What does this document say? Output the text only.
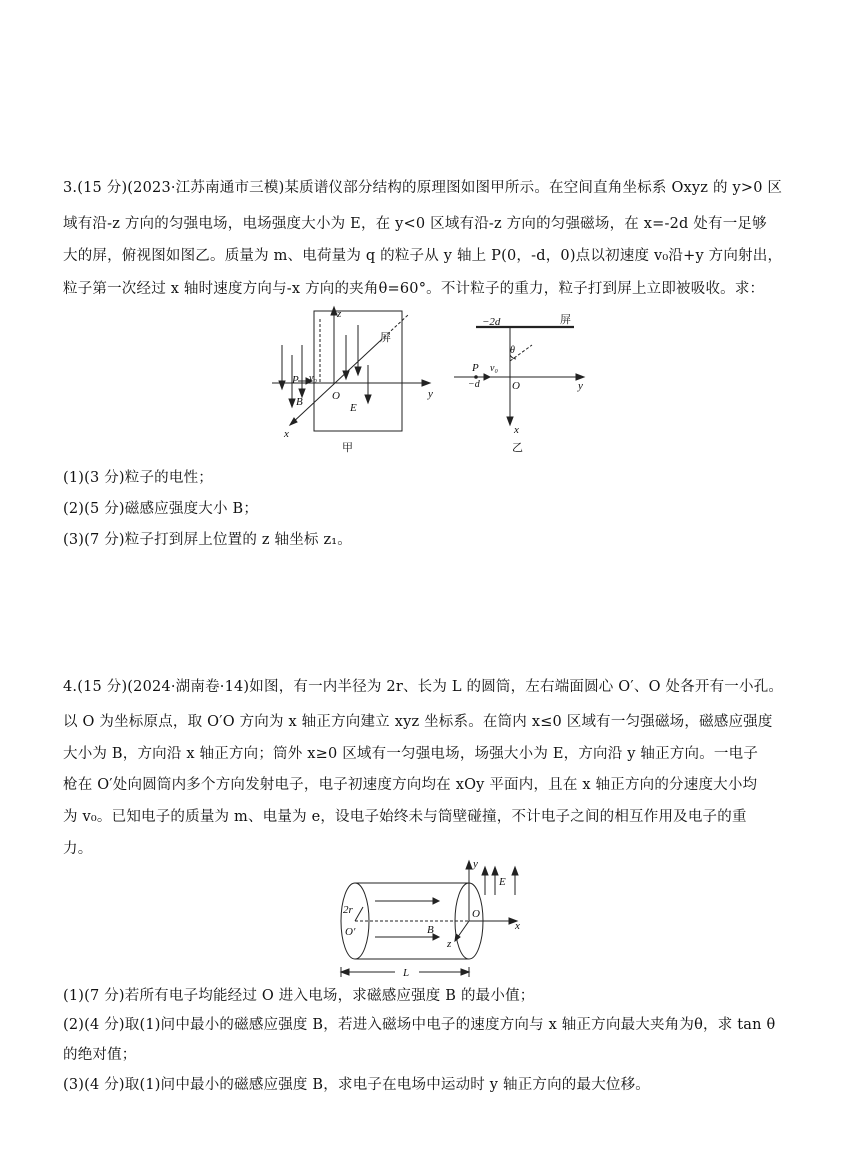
3.(15 分)(2023·江苏南通市三模)某质谱仪部分结构的原理图如图甲所示。在空间直角坐标系 Oxyz 的 y>0 区
域有沿-z 方向的匀强电场，电场强度大小为 E，在 y<0 区域有沿-z 方向的匀强磁场，在 x=-2d 处有一足够
大的屏，俯视图如图乙。质量为 m、电荷量为 q 的粒子从 y 轴上 P(0，-d，0)点以初速度 v₀沿+y 方向射出，
粒子第一次经过 x 轴时速度方向与-x 方向的夹角θ=60°。不计粒子的重力，粒子打到屏上立即被吸收。求：
z
y
x
P v₀
B	O
E
屏
甲
−2d	屏
θ
P v₀
−d	O	y
x
乙
(1)(3 分)粒子的电性；
(2)(5 分)磁感应强度大小 B；
(3)(7 分)粒子打到屏上位置的 z 轴坐标 z₁。
4.(15 分)(2024·湖南卷·14)如图，有一内半径为 2r、长为 L 的圆筒，左右端面圆心 O′、O 处各开有一小孔。
以 O 为坐标原点，取 O′O 方向为 x 轴正方向建立 xyz 坐标系。在筒内 x≤0 区域有一匀强磁场，磁感应强度
大小为 B，方向沿 x 轴正方向；筒外 x≥0 区域有一匀强电场，场强大小为 E，方向沿 y 轴正方向。一电子
枪在 O′处向圆筒内多个方向发射电子，电子初速度方向均在 xOy 平面内，且在 x 轴正方向的分速度大小均
为 v₀。已知电子的质量为 m、电量为 e，设电子始终未与筒壁碰撞，不计电子之间的相互作用及电子的重
力。
y
E
2r
O′
O
B	x
z
L
(1)(7 分)若所有电子均能经过 O 进入电场，求磁感应强度 B 的最小值；
(2)(4 分)取(1)问中最小的磁感应强度 B，若进入磁场中电子的速度方向与 x 轴正方向最大夹角为θ，求 tan θ
的绝对值；
(3)(4 分)取(1)问中最小的磁感应强度 B，求电子在电场中运动时 y 轴正方向的最大位移。
